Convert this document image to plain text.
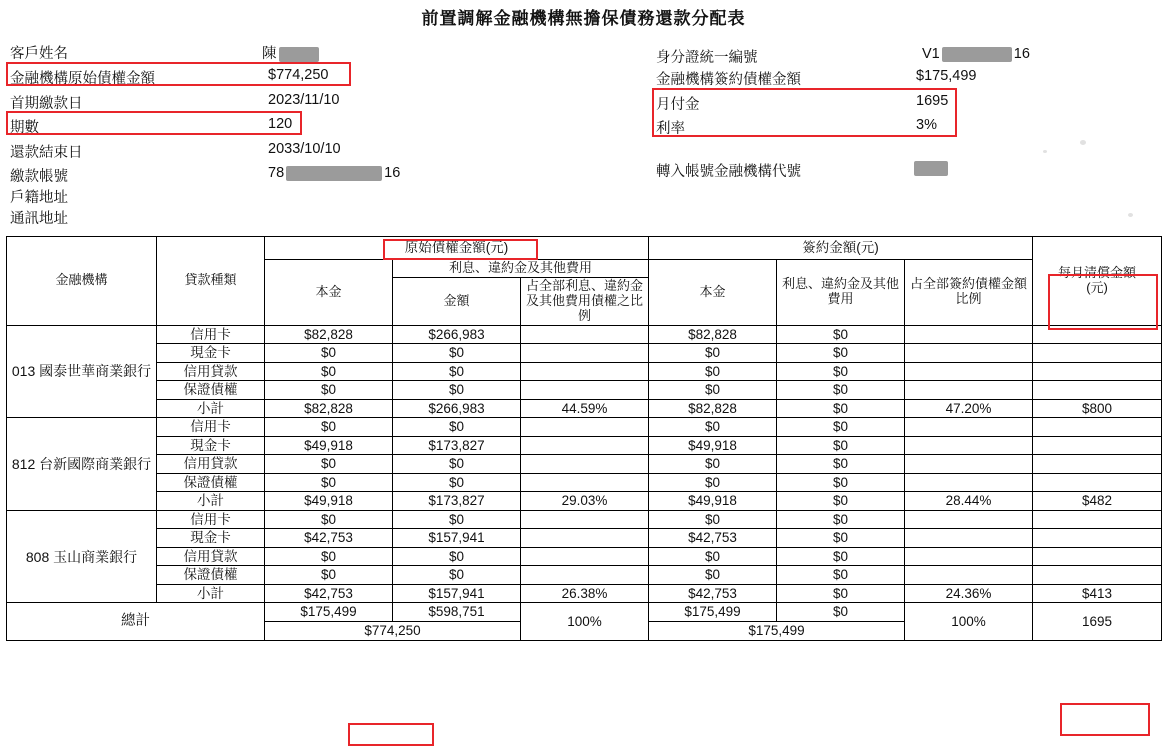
前置調解金融機構無擔保債務還款分配表
客戶姓名	陳
金融機構原始債權金額	$774,250
首期繳款日	2023/11/10
期數	120
還款結束日	2033/10/10
繳款帳號	78	16
戶籍地址
通訊地址
身分證統一編號	V1	16
金融機構簽約債權金額	$175,499
月付金	1695
利率	3%
轉入帳號金融機構代號
金融機構	貸款種類	原始債權金額(元)			簽約金額(元)			每月清償金額
(元)

		本金	利息、違約金及其他費用		本金	利息、違約金及其他費用	占全部簽約債權金額比例	
			金額	占全部利息、違約金及其他費用債權之比例				

013 國泰世華商業銀行	信用卡	$82,828	$266,983		$82,828	$0		
	現金卡	$0	$0		$0	$0		
	信用貸款	$0	$0		$0	$0		
	保證債權	$0	$0		$0	$0		
	小計	$82,828	$266,983	44.59%	$82,828	$0	47.20%	$800
812 台新國際商業銀行	信用卡	$0	$0		$0	$0		
	現金卡	$49,918	$173,827		$49,918	$0		
	信用貸款	$0	$0		$0	$0		
	保證債權	$0	$0		$0	$0		
	小計	$49,918	$173,827	29.03%	$49,918	$0	28.44%	$482
808 玉山商業銀行	信用卡	$0	$0		$0	$0		
	現金卡	$42,753	$157,941		$42,753	$0		
	信用貸款	$0	$0		$0	$0		
	保證債權	$0	$0		$0	$0		
	小計	$42,753	$157,941	26.38%	$42,753	$0	24.36%	$413
總計		$175,499	$598,751	100%	$175,499	$0	100%	1695
		$774,250			$175,499			
